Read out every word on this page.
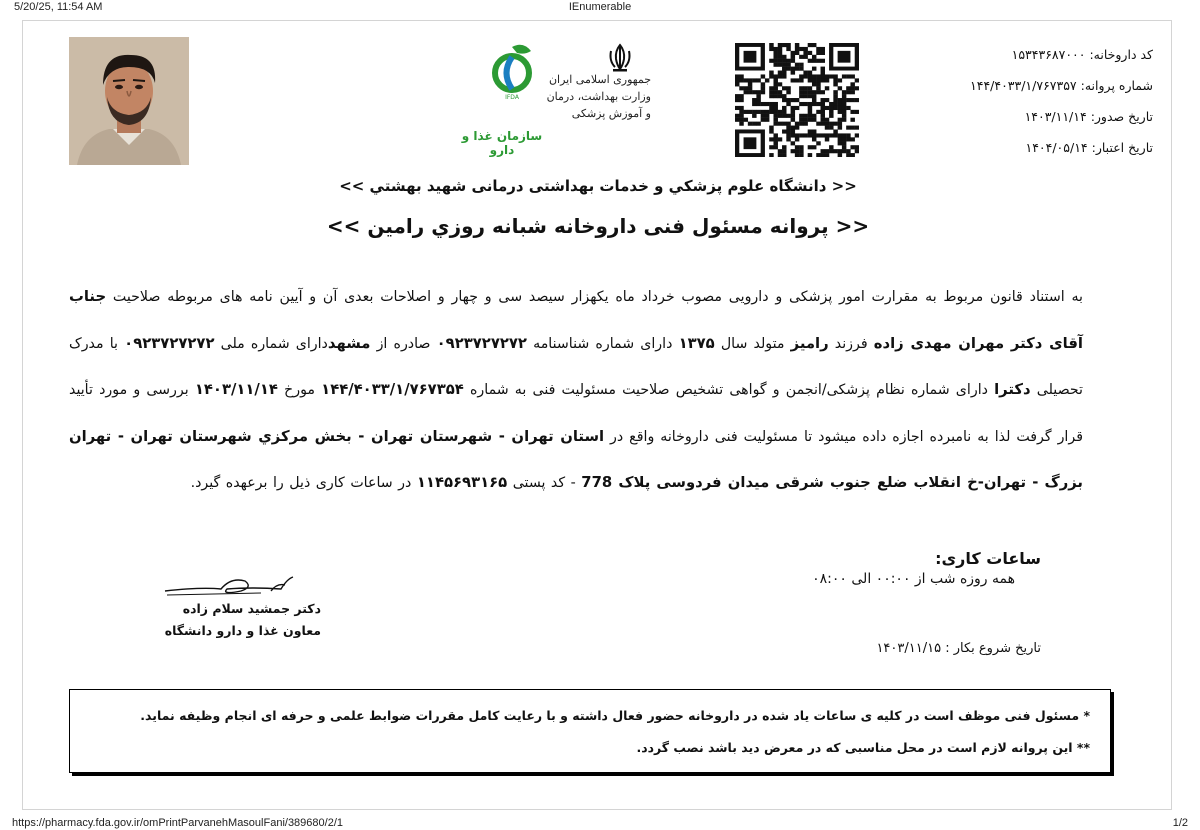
5/20/25, 11:54 AM	IEnumerable
جمهوری اسلامی ایران
وزارت بهداشت، درمان و آموزش پزشکی
IFDA
سازمان غذا و دارو
کد داروخانه: ۱۵۳۴۳۶۸۷۰۰۰
شماره پروانه: ۱۴۴/۴۰۳۳/۱/۷۶۷۳۵۷
تاریخ صدور: ۱۴۰۳/۱۱/۱۴
تاریخ اعتبار: ۱۴۰۴/۰۵/۱۴
<< دانشگاه علوم پزشکي و خدمات بهداشتی درمانی شهید بهشتي >>
<< پروانه مسئول فنی داروخانه شبانه روزي رامین >>
به استناد قانون مربوط به مقرارت امور پزشکی و دارویی مصوب خرداد ماه یکهزار سیصد سی و چهار و اصلاحات بعدی آن و آیین نامه های مربوطه صلاحیت جناب آقای دکتر مهران مهدی زاده فرزند رامیز متولد سال ۱۳۷۵ دارای شماره شناسنامه ۰۹۲۳۷۲۷۲۷۲ صادره از مشهددارای شماره ملی ۰۹۲۳۷۲۷۲۷۲ با مدرک تحصیلی دکترا دارای شماره نظام پزشکی/انجمن و گواهی تشخیص صلاحیت مسئولیت فنی به شماره ۱۴۴/۴۰۳۳/۱/۷۶۷۳۵۴ مورخ ۱۴۰۳/۱۱/۱۴ بررسی و مورد تأیید قرار گرفت لذا به نامبرده اجازه داده میشود تا مسئولیت فنی داروخانه واقع در استان تهران - شهرستان تهران - بخش مرکزي شهرستان تهران - تهران بزرگ - تهران-خ انقلاب ضلع جنوب شرقی میدان فردوسی پلاک 778 - کد پستی ۱۱۴۵۶۹۳۱۶۵ در ساعات کاری ذیل را برعهده گیرد.
ساعات کاری:
همه روزه شب از ۰۰:۰۰ الی ۰۸:۰۰
دکتر جمشید سلام زاده
معاون غذا و دارو دانشگاه
تاریخ شروع بکار : ۱۴۰۳/۱۱/۱۵
* مسئول فنی موظف است در کلیه ی ساعات یاد شده در داروخانه حضور فعال داشته و با رعایت کامل مقررات ضوابط علمی و حرفه ای انجام وظیفه نماید.
** این پروانه لازم است در محل مناسبی که در معرض دید باشد نصب گردد.
https://pharmacy.fda.gov.ir/omPrintParvanehMasoulFani/389680/2/1	1/2
